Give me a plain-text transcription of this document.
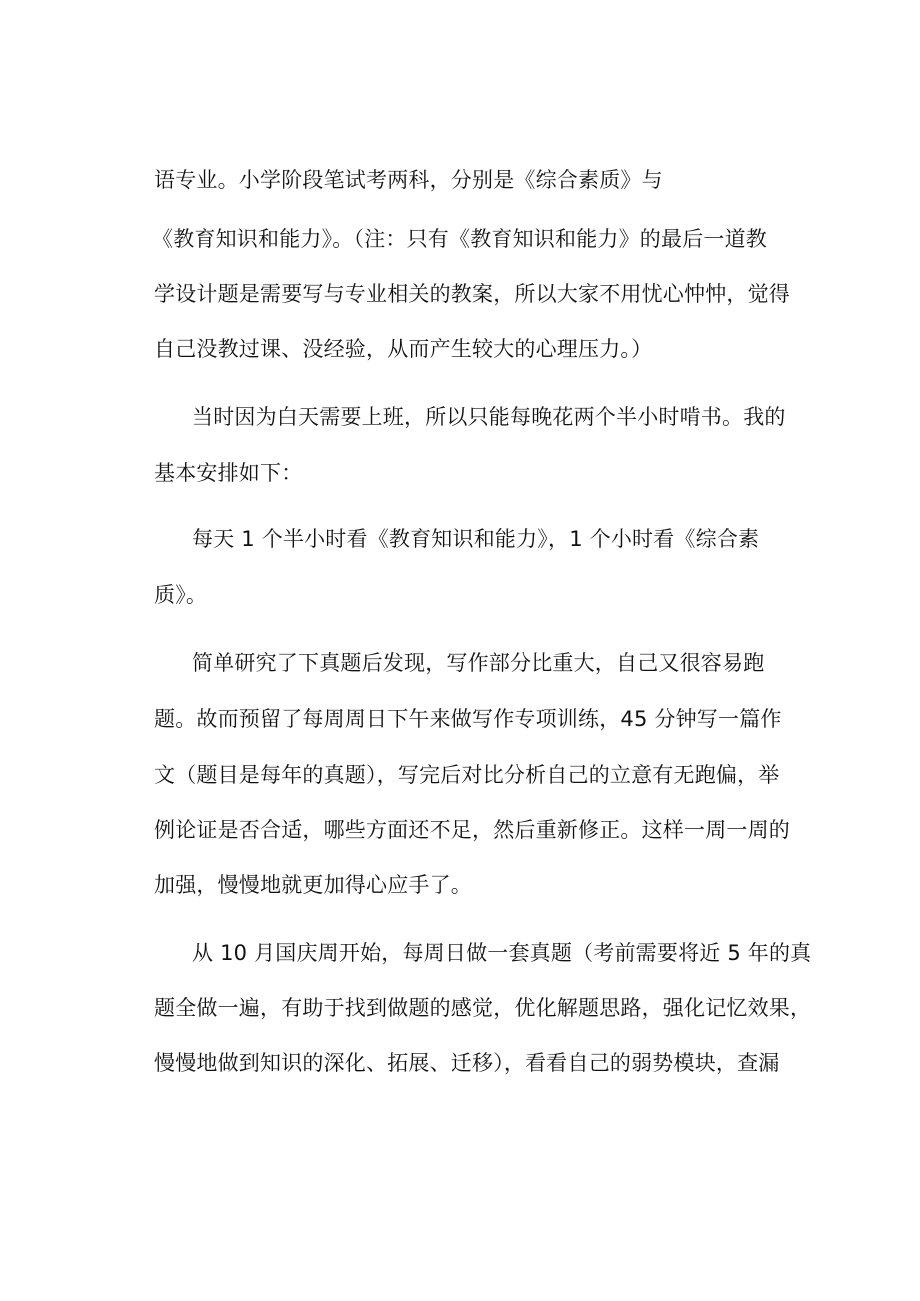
语专业。小学阶段笔试考两科，分别是《综合素质》与
《教育知识和能力》。（注：只有《教育知识和能力》的最后一道教
学设计题是需要写与专业相关的教案，所以大家不用忧心忡忡，觉得
自己没教过课、没经验，从而产生较大的心理压力。）
当时因为白天需要上班，所以只能每晚花两个半小时啃书。我的
基本安排如下：
每天 1 个半小时看《教育知识和能力》，1 个小时看《综合素
质》。
简单研究了下真题后发现，写作部分比重大，自己又很容易跑
题。故而预留了每周周日下午来做写作专项训练，45 分钟写一篇作
文（题目是每年的真题），写完后对比分析自己的立意有无跑偏，举
例论证是否合适，哪些方面还不足，然后重新修正。这样一周一周的
加强，慢慢地就更加得心应手了。
从 10 月国庆周开始，每周日做一套真题（考前需要将近 5 年的真
题全做一遍，有助于找到做题的感觉，优化解题思路，强化记忆效果，
慢慢地做到知识的深化、拓展、迁移），看看自己的弱势模块，查漏
